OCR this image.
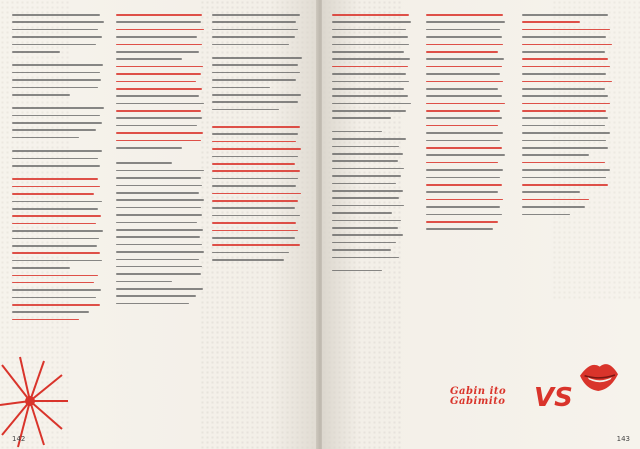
142
Gabin ito Gabimito	VS
143
